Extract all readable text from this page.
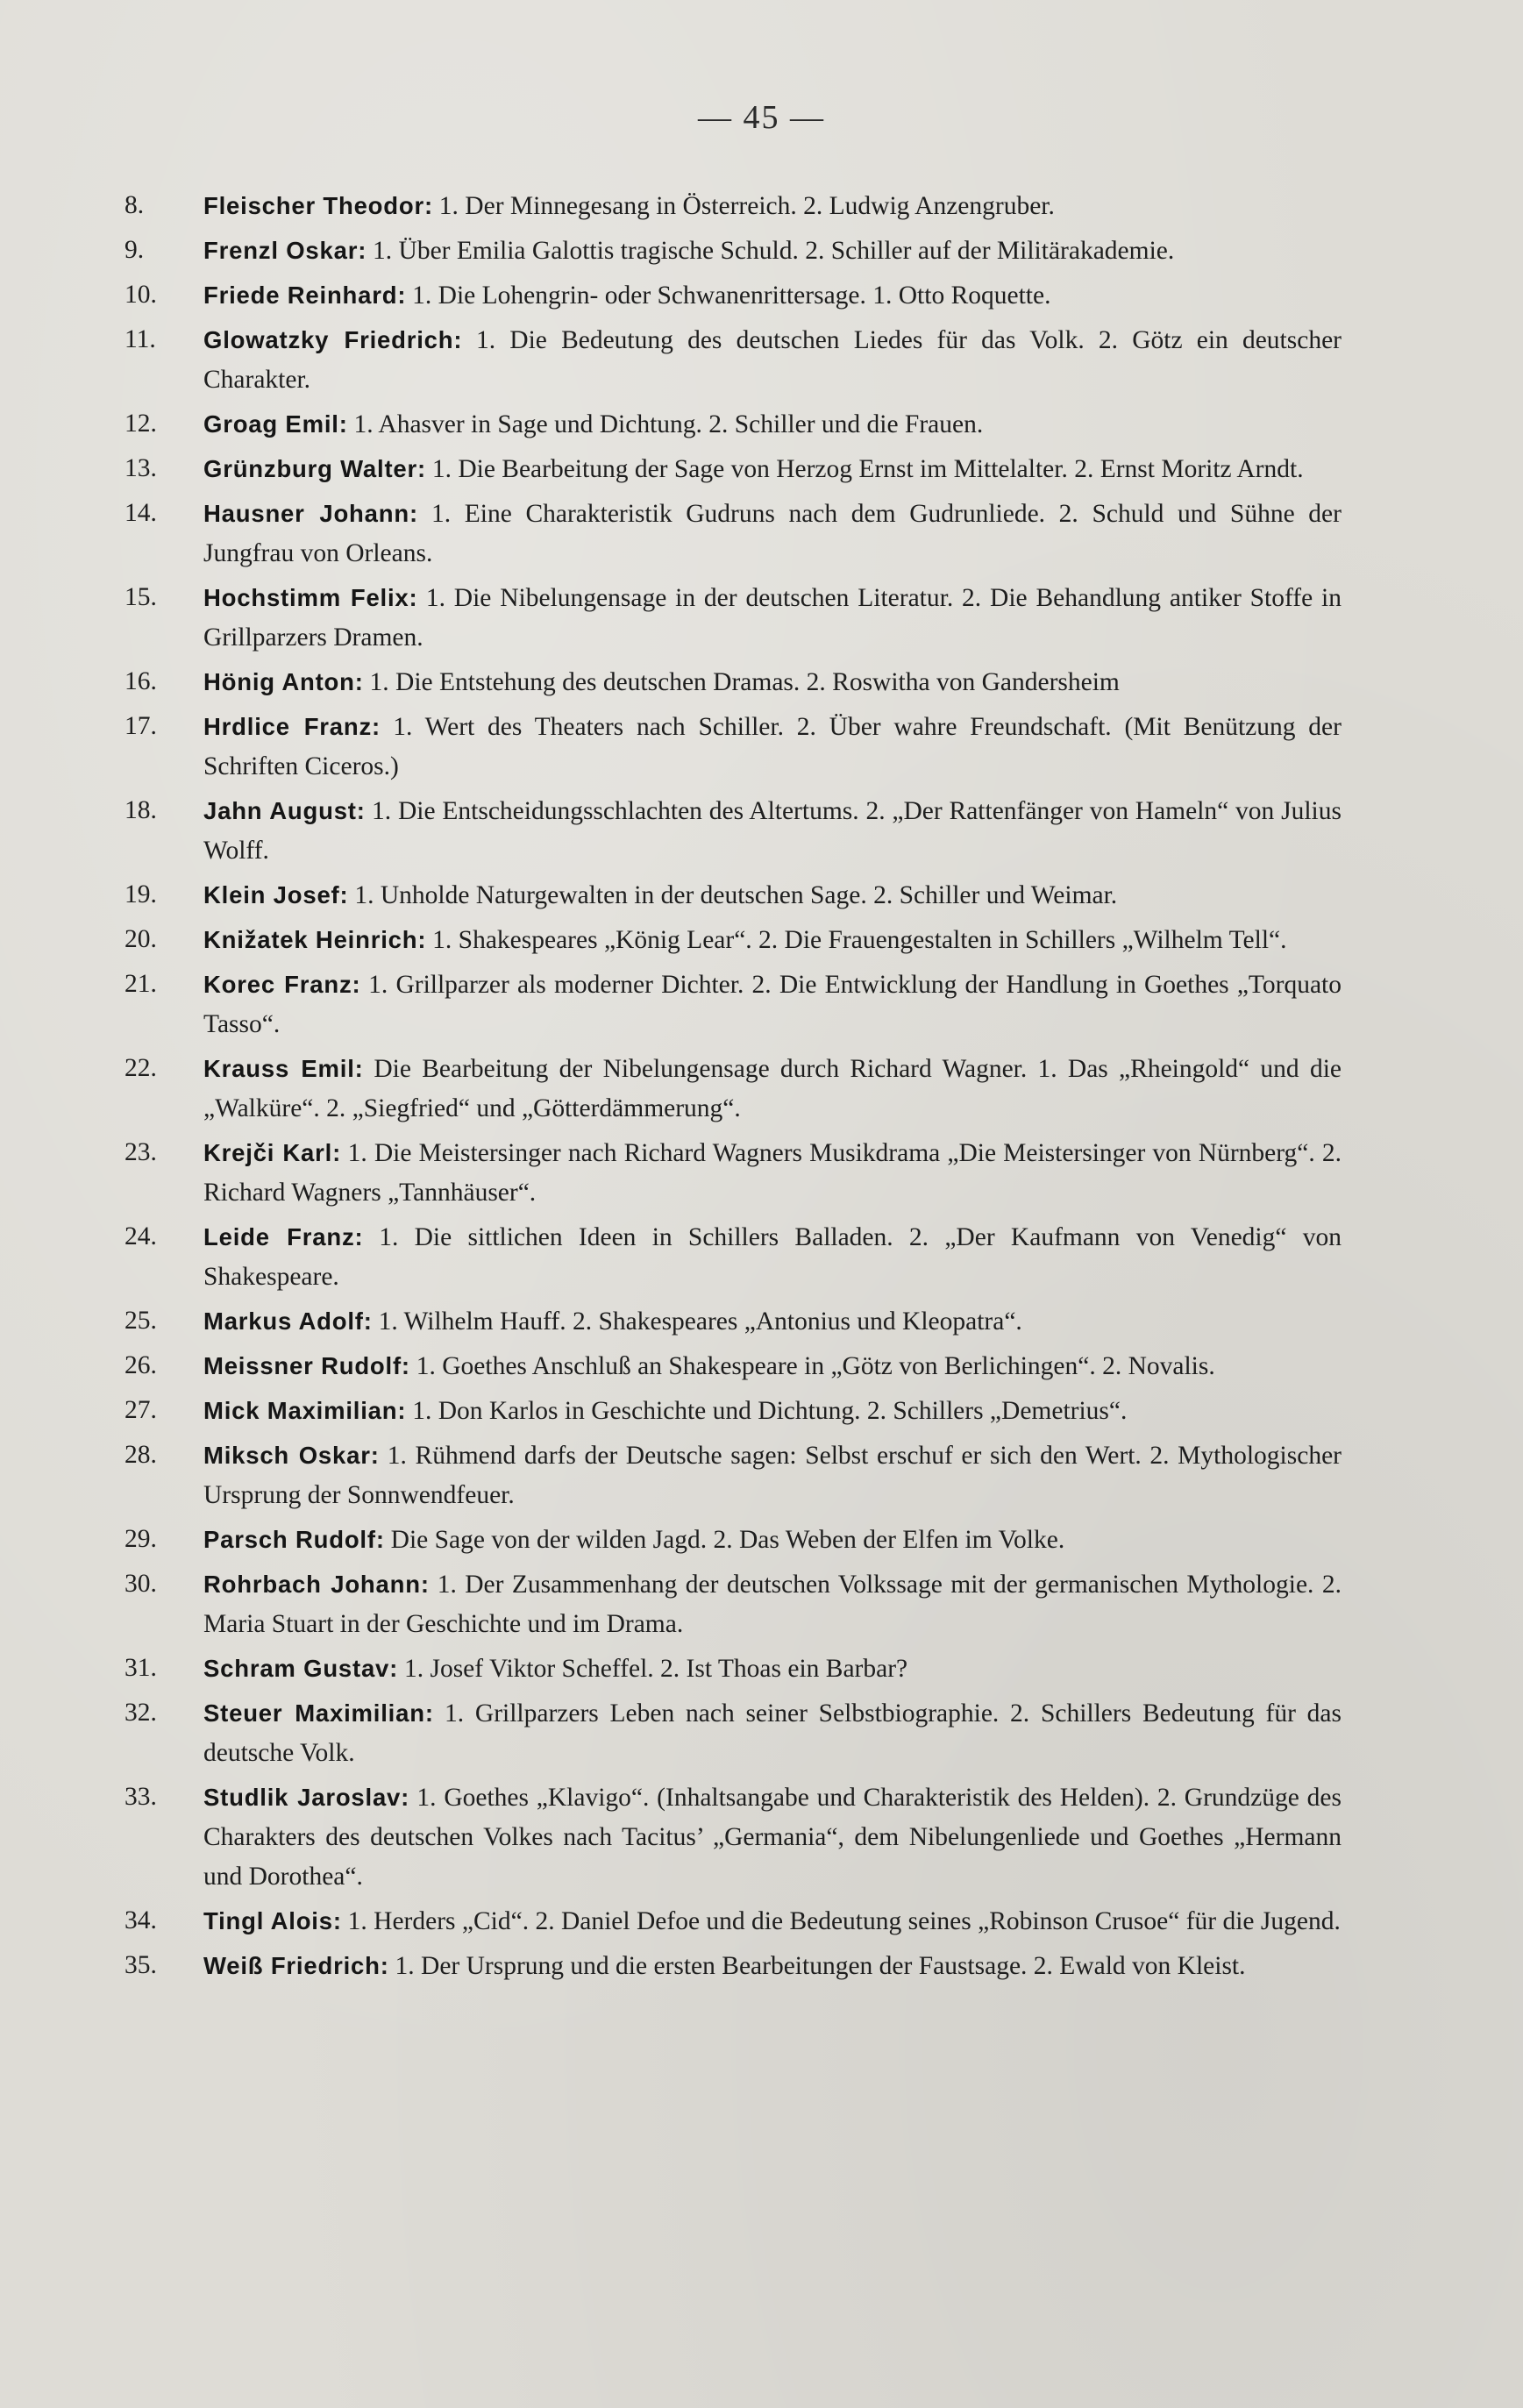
— 45 —
8.	Fleischer Theodor: 1. Der Minnegesang in Österreich. 2. Ludwig Anzengruber.
9.	Frenzl Oskar: 1. Über Emilia Galottis tragische Schuld. 2. Schiller auf der Militärakademie.
10.	Friede Reinhard: 1. Die Lohengrin- oder Schwanenrittersage. 1. Otto Roquette.
11.	Glowatzky Friedrich: 1. Die Bedeutung des deutschen Liedes für das Volk. 2. Götz ein deutscher Charakter.
12.	Groag Emil: 1. Ahasver in Sage und Dichtung. 2. Schiller und die Frauen.
13.	Grünzburg Walter: 1. Die Bearbeitung der Sage von Herzog Ernst im Mittelalter. 2. Ernst Moritz Arndt.
14.	Hausner Johann: 1. Eine Charakteristik Gudruns nach dem Gudrunliede. 2. Schuld und Sühne der Jungfrau von Orleans.
15.	Hochstimm Felix: 1. Die Nibelungensage in der deutschen Literatur. 2. Die Behandlung antiker Stoffe in Grillparzers Dramen.
16.	Hönig Anton: 1. Die Entstehung des deutschen Dramas. 2. Roswitha von Gandersheim
17.	Hrdlice Franz: 1. Wert des Theaters nach Schiller. 2. Über wahre Freundschaft. (Mit Benützung der Schriften Ciceros.)
18.	Jahn August: 1. Die Entscheidungsschlachten des Altertums. 2. „Der Rattenfänger von Hameln“ von Julius Wolff.
19.	Klein Josef: 1. Unholde Naturgewalten in der deutschen Sage. 2. Schiller und Weimar.
20.	Knižatek Heinrich: 1. Shakespeares „König Lear“. 2. Die Frauengestalten in Schillers „Wilhelm Tell“.
21.	Korec Franz: 1. Grillparzer als moderner Dichter. 2. Die Entwicklung der Handlung in Goethes „Torquato Tasso“.
22.	Krauss Emil: Die Bearbeitung der Nibelungensage durch Richard Wagner. 1. Das „Rheingold“ und die „Walküre“. 2. „Siegfried“ und „Götterdämmerung“.
23.	Krejči Karl: 1. Die Meistersinger nach Richard Wagners Musikdrama „Die Meistersinger von Nürnberg“. 2. Richard Wagners „Tannhäuser“.
24.	Leide Franz: 1. Die sittlichen Ideen in Schillers Balladen. 2. „Der Kaufmann von Venedig“ von Shakespeare.
25.	Markus Adolf: 1. Wilhelm Hauff. 2. Shakespeares „Antonius und Kleopatra“.
26.	Meissner Rudolf: 1. Goethes Anschluß an Shakespeare in „Götz von Berlichingen“. 2. Novalis.
27.	Mick Maximilian: 1. Don Karlos in Geschichte und Dichtung. 2. Schillers „Demetrius“.
28.	Miksch Oskar: 1. Rühmend darfs der Deutsche sagen: Selbst erschuf er sich den Wert. 2. Mythologischer Ursprung der Sonnwendfeuer.
29.	Parsch Rudolf: Die Sage von der wilden Jagd. 2. Das Weben der Elfen im Volke.
30.	Rohrbach Johann: 1. Der Zusammenhang der deutschen Volkssage mit der germanischen Mythologie. 2. Maria Stuart in der Geschichte und im Drama.
31.	Schram Gustav: 1. Josef Viktor Scheffel. 2. Ist Thoas ein Barbar?
32.	Steuer Maximilian: 1. Grillparzers Leben nach seiner Selbstbiographie. 2. Schillers Bedeutung für das deutsche Volk.
33.	Studlik Jaroslav: 1. Goethes „Klavigo“. (Inhaltsangabe und Charakteristik des Helden). 2. Grundzüge des Charakters des deutschen Volkes nach Tacitus’ „Germania“, dem Nibelungenliede und Goethes „Hermann und Dorothea“.
34.	Tingl Alois: 1. Herders „Cid“. 2. Daniel Defoe und die Bedeutung seines „Robinson Crusoe“ für die Jugend.
35.	Weiß Friedrich: 1. Der Ursprung und die ersten Bearbeitungen der Faustsage. 2. Ewald von Kleist.
